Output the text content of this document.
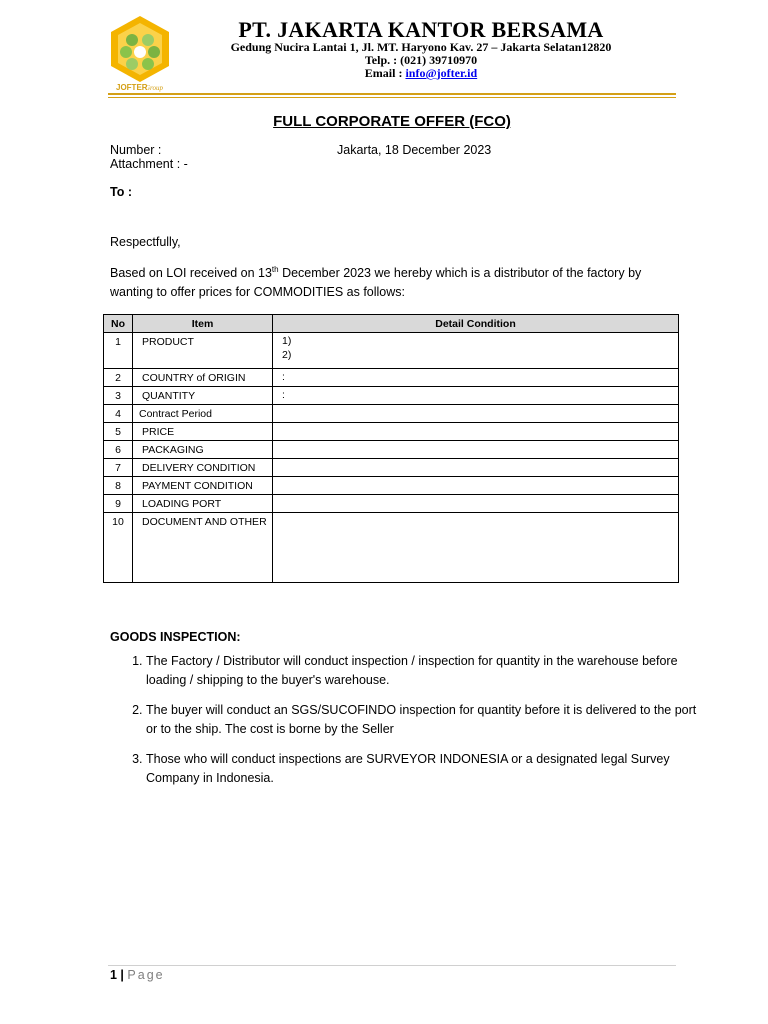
JOFTER
Group
PT. JAKARTA KANTOR BERSAMA
Gedung Nucira Lantai 1, Jl. MT. Haryono Kav. 27 – Jakarta Selatan12820
Telp. : (021) 39710970
Email : info@jofter.id
FULL CORPORATE OFFER (FCO)
Number :	Jakarta, 18 December 2023
Attachment : -
To :
Respectfully,
Based on LOI received on 13th December 2023 we hereby which is a distributor of the factory by
wanting to offer prices for COMMODITIES as follows:
No	Item	Detail Condition

1	PRODUCT	1)
2)

2	COUNTRY of ORIGIN	:

3	QUANTITY	:

4	Contract Period	

5	PRICE	

6	PACKAGING	

7	DELIVERY CONDITION	

8	PAYMENT CONDITION	

9	LOADING PORT	

10	DOCUMENT AND OTHER	

GOODS INSPECTION:
1. The Factory / Distributor will conduct inspection / inspection for quantity in the warehouse before loading / shipping to the buyer's warehouse.
2. The buyer will conduct an SGS/SUCOFINDO inspection for quantity before it is delivered to the port or to the ship. The cost is borne by the Seller
3. Those who will conduct inspections are SURVEYOR INDONESIA or a designated legal Survey Company in Indonesia.
1 | Page
